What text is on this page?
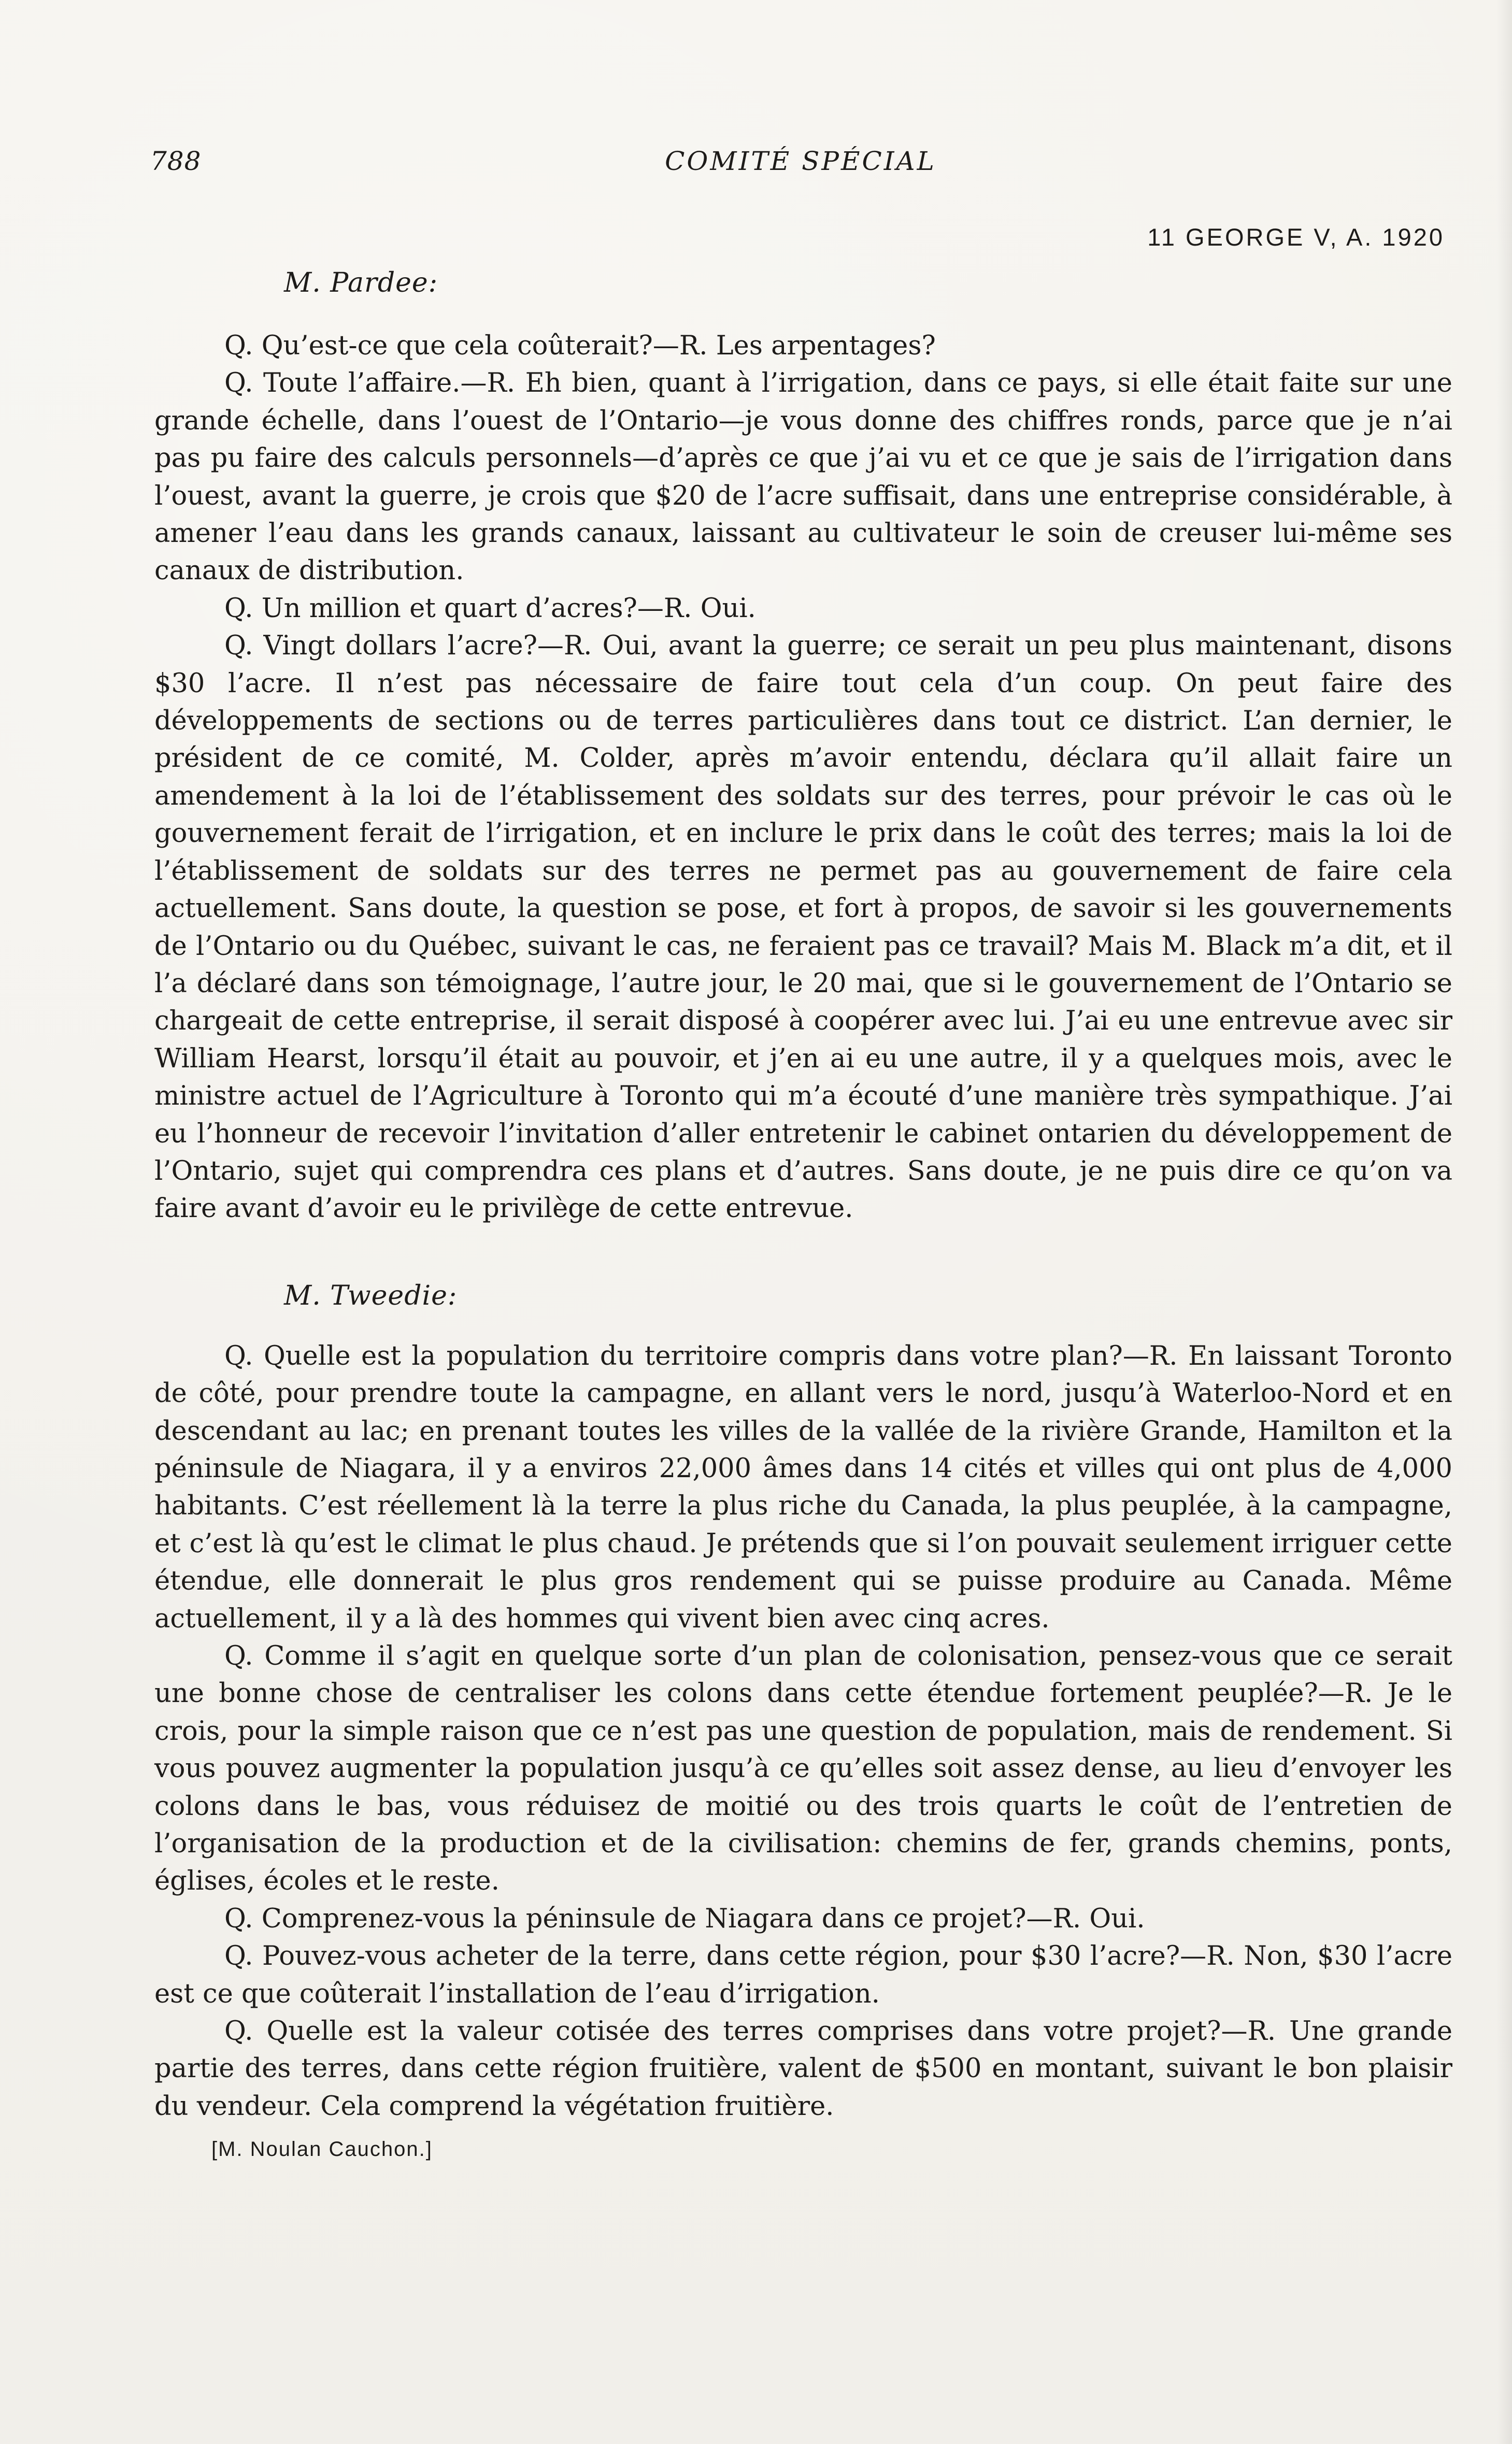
788	COMITÉ SPÉCIAL
11 GEORGE V, A. 1920
M. Pardee:

Q. Qu’est-ce que cela coûterait?—R. Les arpentages?

Q. Toute l’affaire.—R. Eh bien, quant à l’irrigation, dans ce pays, si elle était faite sur une grande échelle, dans l’ouest de l’Ontario—je vous donne des chiffres ronds, parce que je n’ai pas pu faire des calculs personnels—d’après ce que j’ai vu et ce que je sais de l’irrigation dans l’ouest, avant la guerre, je crois que $20 de l’acre suffisait, dans une entreprise considérable, à amener l’eau dans les grands canaux, laissant au cultivateur le soin de creuser lui-même ses canaux de distribution.

Q. Un million et quart d’acres?—R. Oui.

Q. Vingt dollars l’acre?—R. Oui, avant la guerre; ce serait un peu plus maintenant, disons $30 l’acre. Il n’est pas nécessaire de faire tout cela d’un coup. On peut faire des développements de sections ou de terres particulières dans tout ce district. L’an dernier, le président de ce comité, M. Colder, après m’avoir entendu, déclara qu’il allait faire un amendement à la loi de l’établissement des soldats sur des terres, pour prévoir le cas où le gouvernement ferait de l’irrigation, et en inclure le prix dans le coût des terres; mais la loi de l’établissement de soldats sur des terres ne permet pas au gouvernement de faire cela actuellement. Sans doute, la question se pose, et fort à propos, de savoir si les gouvernements de l’Ontario ou du Québec, suivant le cas, ne feraient pas ce travail? Mais M. Black m’a dit, et il l’a déclaré dans son témoignage, l’autre jour, le 20 mai, que si le gouvernement de l’Ontario se chargeait de cette entreprise, il serait disposé à coopérer avec lui. J’ai eu une entrevue avec sir William Hearst, lorsqu’il était au pouvoir, et j’en ai eu une autre, il y a quelques mois, avec le ministre actuel de l’Agriculture à Toronto qui m’a écouté d’une manière très sympathique. J’ai eu l’honneur de recevoir l’invitation d’aller entretenir le cabinet ontarien du développement de l’Ontario, sujet qui comprendra ces plans et d’autres. Sans doute, je ne puis dire ce qu’on va faire avant d’avoir eu le privilège de cette entrevue.

M. Tweedie:

Q. Quelle est la population du territoire compris dans votre plan?—R. En laissant Toronto de côté, pour prendre toute la campagne, en allant vers le nord, jusqu’à Waterloo-Nord et en descendant au lac; en prenant toutes les villes de la vallée de la rivière Grande, Hamilton et la péninsule de Niagara, il y a enviros 22,000 âmes dans 14 cités et villes qui ont plus de 4,000 habitants. C’est réellement là la terre la plus riche du Canada, la plus peuplée, à la campagne, et c’est là qu’est le climat le plus chaud. Je prétends que si l’on pouvait seulement irriguer cette étendue, elle donnerait le plus gros rendement qui se puisse produire au Canada. Même actuellement, il y a là des hommes qui vivent bien avec cinq acres.

Q. Comme il s’agit en quelque sorte d’un plan de colonisation, pensez-vous que ce serait une bonne chose de centraliser les colons dans cette étendue fortement peuplée?—R. Je le crois, pour la simple raison que ce n’est pas une question de population, mais de rendement. Si vous pouvez augmenter la population jusqu’à ce qu’elles soit assez dense, au lieu d’envoyer les colons dans le bas, vous réduisez de moitié ou des trois quarts le coût de l’entretien de l’organisation de la production et de la civilisation: chemins de fer, grands chemins, ponts, églises, écoles et le reste.

Q. Comprenez-vous la péninsule de Niagara dans ce projet?—R. Oui.

Q. Pouvez-vous acheter de la terre, dans cette région, pour $30 l’acre?—R. Non, $30 l’acre est ce que coûterait l’installation de l’eau d’irrigation.

Q. Quelle est la valeur cotisée des terres comprises dans votre projet?—R. Une grande partie des terres, dans cette région fruitière, valent de $500 en montant, suivant le bon plaisir du vendeur. Cela comprend la végétation fruitière.

[M. Noulan Cauchon.]
